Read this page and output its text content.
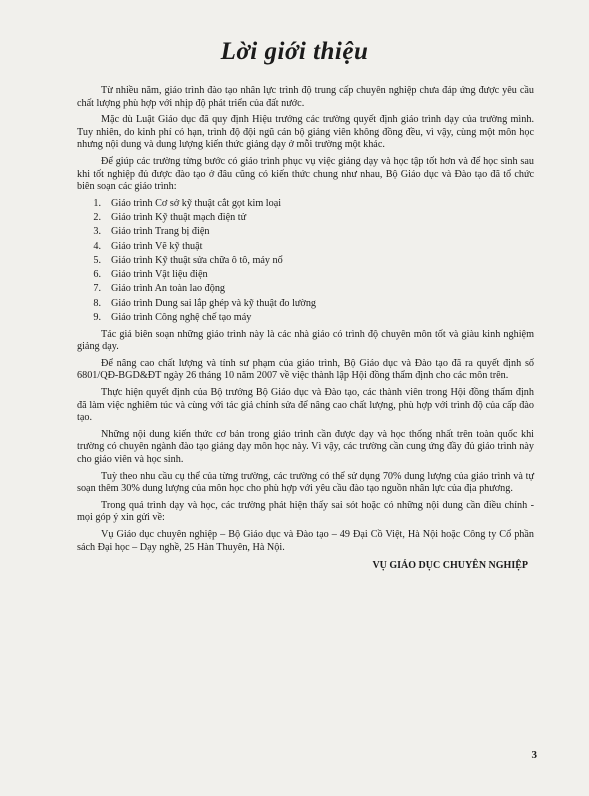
Lời giới thiệu

Từ nhiều năm, giáo trình đào tạo nhân lực trình độ trung cấp chuyên nghiệp chưa đáp ứng được yêu cầu chất lượng phù hợp với nhịp độ phát triển của đất nước.

Mặc dù Luật Giáo dục đã quy định Hiệu trưởng các trường quyết định giáo trình dạy của trường mình. Tuy nhiên, do kinh phí có hạn, trình độ đội ngũ cán bộ giảng viên không đồng đều, vì vậy, cùng một môn học nhưng nội dung và dung lượng kiến thức giảng dạy ở mỗi trường một khác.

Để giúp các trường từng bước có giáo trình phục vụ việc giảng dạy và học tập tốt hơn và để học sinh sau khi tốt nghiệp đủ được đào tạo ở đâu cũng có kiến thức chung như nhau, Bộ Giáo dục và Đào tạo đã tổ chức biên soạn các giáo trình:

1. Giáo trình Cơ sở kỹ thuật cắt gọt kim loại
2. Giáo trình Kỹ thuật mạch điện tử
3. Giáo trình Trang bị điện
4. Giáo trình Vẽ kỹ thuật
5. Giáo trình Kỹ thuật sửa chữa ô tô, máy nổ
6. Giáo trình Vật liệu điện
7. Giáo trình An toàn lao động
8. Giáo trình Dung sai lắp ghép và kỹ thuật đo lường
9. Giáo trình Công nghệ chế tạo máy

Tác giả biên soạn những giáo trình này là các nhà giáo có trình độ chuyên môn tốt và giàu kinh nghiệm giảng dạy.

Để nâng cao chất lượng và tính sư phạm của giáo trình, Bộ Giáo dục và Đào tạo đã ra quyết định số 6801/QĐ-BGD&ĐT ngày 26 tháng 10 năm 2007 về việc thành lập Hội đồng thẩm định cho các môn trên.

Thực hiện quyết định của Bộ trưởng Bộ Giáo dục và Đào tạo, các thành viên trong Hội đồng thẩm định đã làm việc nghiêm túc và cùng với tác giả chỉnh sửa để nâng cao chất lượng, phù hợp với trình độ của cấp đào tạo.

Những nội dung kiến thức cơ bản trong giáo trình cần được dạy và học thống nhất trên toàn quốc khi trường có chuyên ngành đào tạo giảng dạy môn học này. Vì vậy, các trường cần cung ứng đầy đủ giáo trình này cho giáo viên và học sinh.

Tuỳ theo nhu cầu cụ thể của từng trường, các trường có thể sử dụng 70% dung lượng của giáo trình và tự soạn thêm 30% dung lượng của môn học cho phù hợp với yêu cầu đào tạo nguồn nhân lực của địa phương.

Trong quá trình dạy và học, các trường phát hiện thấy sai sót hoặc có những nội dung cần điều chỉnh - mọi góp ý xin gửi về:

Vụ Giáo dục chuyên nghiệp – Bộ Giáo dục và Đào tạo – 49 Đại Cồ Việt, Hà Nội hoặc Công ty Cổ phần sách Đại học – Dạy nghề, 25 Hàn Thuyên, Hà Nội.

VỤ GIÁO DỤC CHUYÊN NGHIỆP
3
